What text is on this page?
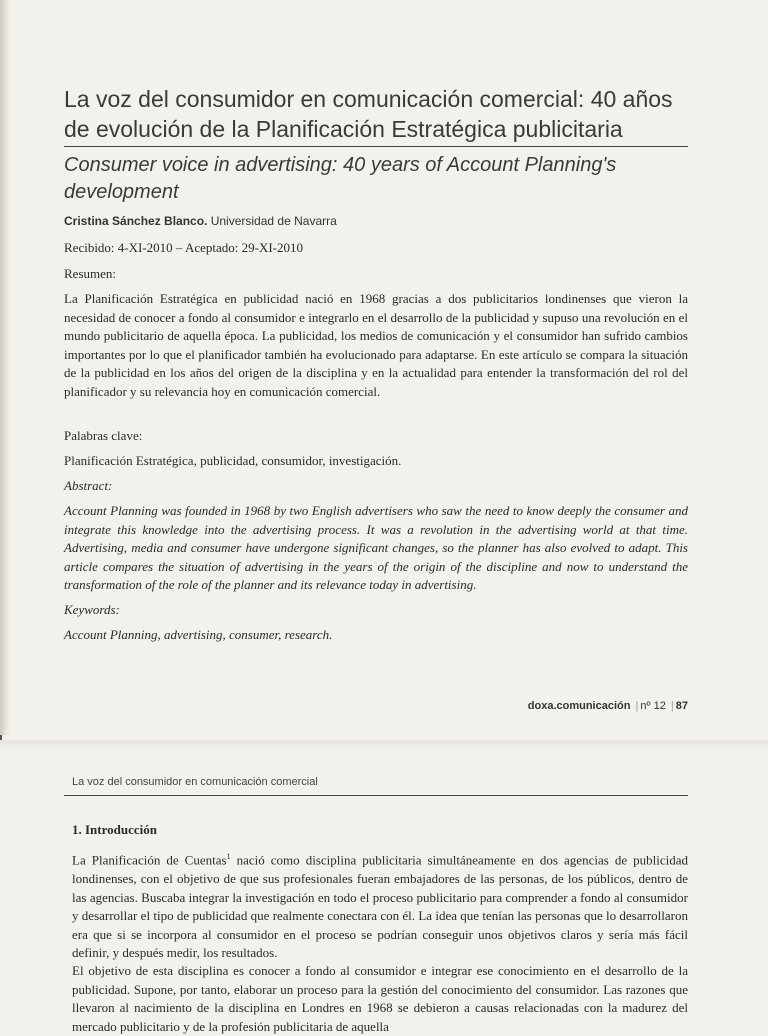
La voz del consumidor en comunicación comercial: 40 años de evolución de la Planificación Estratégica publicitaria
Consumer voice in advertising: 40 years of Account Planning's development
Cristina Sánchez Blanco. Universidad de Navarra
Recibido: 4-XI-2010 – Aceptado: 29-XI-2010

Resumen:

La Planificación Estratégica en publicidad nació en 1968 gracias a dos publicitarios londinenses que vieron la necesidad de conocer a fondo al consumidor e integrarlo en el desarrollo de la publicidad y supuso una revolución en el mundo publicitario de aquella época. La publicidad, los medios de comunicación y el consumidor han sufrido cambios importantes por lo que el planificador también ha evolucionado para adaptarse. En este artículo se compara la situación de la publicidad en los años del origen de la disciplina y en la actualidad para entender la transformación del rol del planificador y su relevancia hoy en comunicación comercial.

Palabras clave:

Planificación Estratégica, publicidad, consumidor, investigación.

Abstract:

Account Planning was founded in 1968 by two English advertisers who saw the need to know deeply the consumer and integrate this knowledge into the advertising process. It was a revolution in the advertising world at that time. Advertising, media and consumer have undergone significant changes, so the planner has also evolved to adapt. This article compares the situation of advertising in the years of the origin of the discipline and now to understand the transformation of the role of the planner and its relevance today in advertising.

Keywords:

Account Planning, advertising, consumer, research.

doxa.comunicación | nº 12 | 87
La voz del consumidor en comunicación comercial
1. Introducción

La Planificación de Cuentas$^1$ nació como disciplina publicitaria simultáneamente en dos agencias de publicidad londinenses, con el objetivo de que sus profesionales fueran embajadores de las personas, de los públicos, dentro de las agencias. Buscaba integrar la investigación en todo el proceso publicitario para comprender a fondo al consumidor y desarrollar el tipo de publicidad que realmente conectara con él. La idea que tenían las personas que lo desarrollaron era que si se incorpora al consumidor en el proceso se podrían conseguir unos objetivos claros y sería más fácil definir, y después medir, los resultados.

El objetivo de esta disciplina es conocer a fondo al consumidor e integrar ese conocimiento en el desarrollo de la publicidad. Supone, por tanto, elaborar un proceso para la gestión del conocimiento del consumidor. Las razones que llevaron al nacimiento de la disciplina en Londres en 1968 se debieron a causas relacionadas con la madurez del mercado publicitario y de la profesión publicitaria de aquella
